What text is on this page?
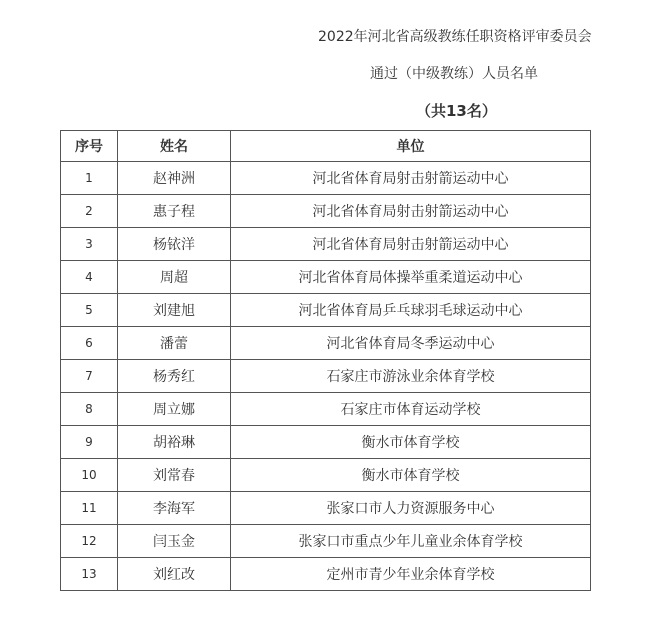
2022年河北省高级教练任职资格评审委员会
通过（中级教练）人员名单
（共13名）
序号	姓名	单位
1	赵神洲	河北省体育局射击射箭运动中心
2	惠子程	河北省体育局射击射箭运动中心
3	杨铱洋	河北省体育局射击射箭运动中心
4	周超	河北省体育局体操举重柔道运动中心
5	刘建旭	河北省体育局乒乓球羽毛球运动中心
6	潘蕾	河北省体育局冬季运动中心
7	杨秀红	石家庄市游泳业余体育学校
8	周立娜	石家庄市体育运动学校
9	胡裕琳	衡水市体育学校
10	刘常春	衡水市体育学校
11	李海军	张家口市人力资源服务中心
12	闫玉金	张家口市重点少年儿童业余体育学校
13	刘红改	定州市青少年业余体育学校
